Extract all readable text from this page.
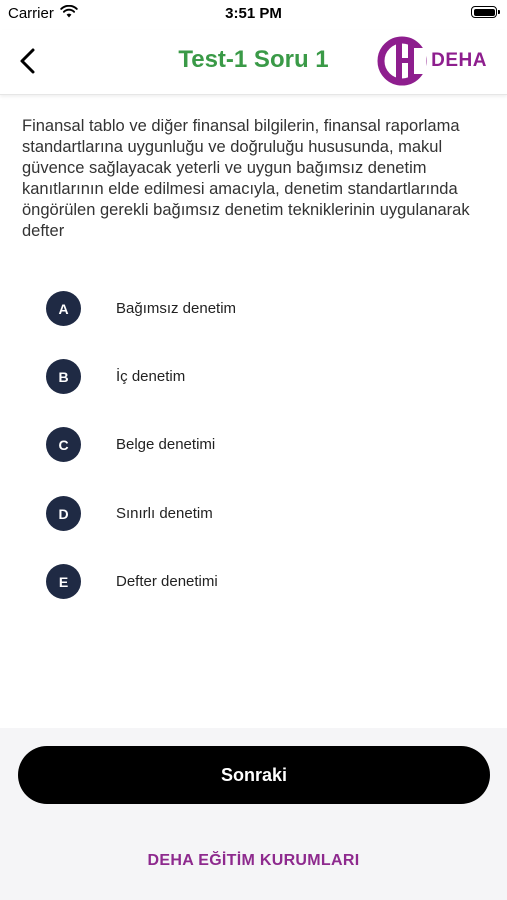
Carrier	3:51 PM
Test-1 Soru 1	DEHA
Finansal tablo ve diğer finansal bilgilerin, finansal raporlama standartlarına uygunluğu ve doğruluğu hususunda, makul güvence sağlayacak yeterli ve uygun bağımsız denetim kanıtlarının elde edilmesi amacıyla, denetim standartlarında öngörülen gerekli bağımsız denetim tekniklerinin uygulanarak defter
A	Bağımsız denetim
B	İç denetim
C	Belge denetimi
D	Sınırlı denetim
E	Defter denetimi
Sonraki
DEHA EĞİTİM KURUMLARI
